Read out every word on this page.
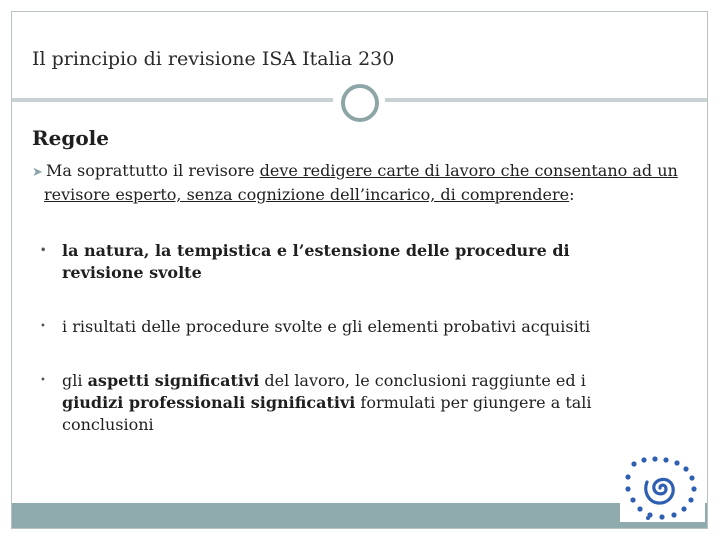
Il principio di revisione ISA Italia 230
Regole
➤ Ma soprattutto il revisore deve redigere carte di lavoro che consentano ad un revisore esperto, senza cognizione dell’incarico, di comprendere:
• la natura, la tempistica e l’estensione delle procedure di revisione svolte
• i risultati delle procedure svolte e gli elementi probativi acquisiti
• gli aspetti significativi del lavoro, le conclusioni raggiunte ed i giudizi professionali significativi formulati per giungere a tali conclusioni
